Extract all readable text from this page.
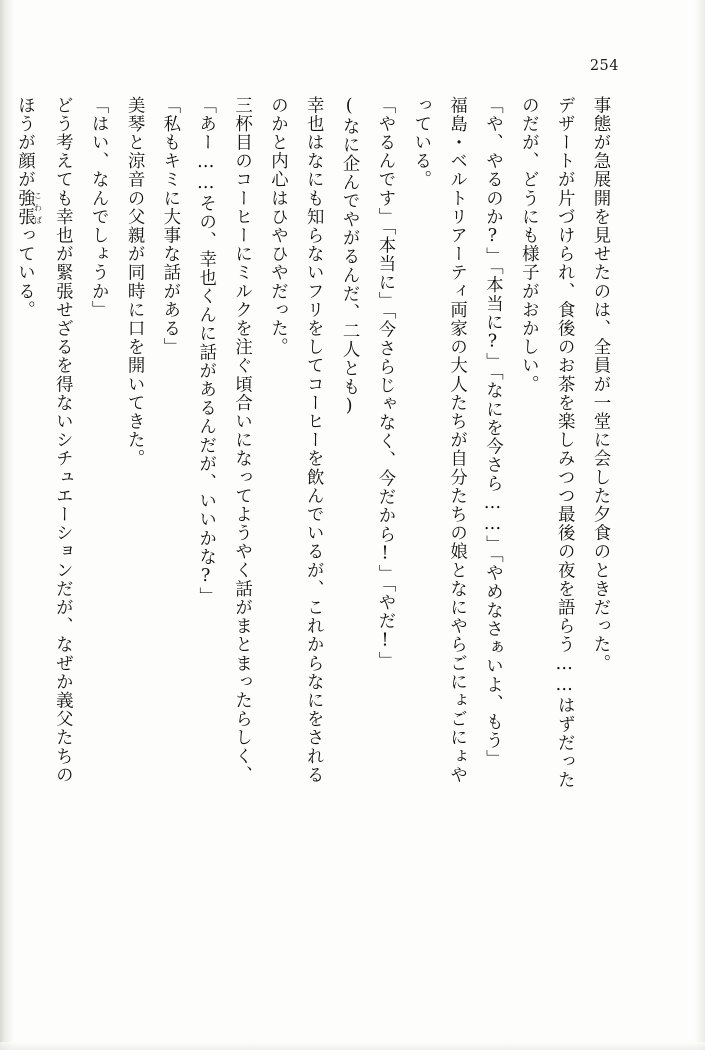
254

事態が急展開を見せたのは、全員が一堂に会した夕食のときだった。

デザートが片づけられ、食後のお茶を楽しみつつ最後の夜を語らう……はずだった

のだが、どうにも様子がおかしい。

「や、やるのか?」「本当に?」「なにを今さら……」「やめなさぁいよ、もう」

福島・ベルトリアーティ両家の大人たちが自分たちの娘となにやらごにょごにょや

っている。

「やるんです」「本当に」「今さらじゃなく、今だから!」「やだ!」

(なに企んでやがるんだ、二人とも)

幸也はなにも知らないフリをしてコーヒーを飲んでいるが、これからなにをされる

のかと内心はひやひやだった。

三杯目のコーヒーにミルクを注ぐ頃合いになってようやく話がまとまったらしく、

「あー……その、幸也くんに話があるんだが、いいかな?」

「私もキミに大事な話がある」

美琴と涼音の父親が同時に口を開いてきた。

「はい、なんでしょうか」

どう考えても幸也が緊張せざるを得ないシチュエーションだが、なぜか義父たちの

ほうが顔が強張 こわばっている。
